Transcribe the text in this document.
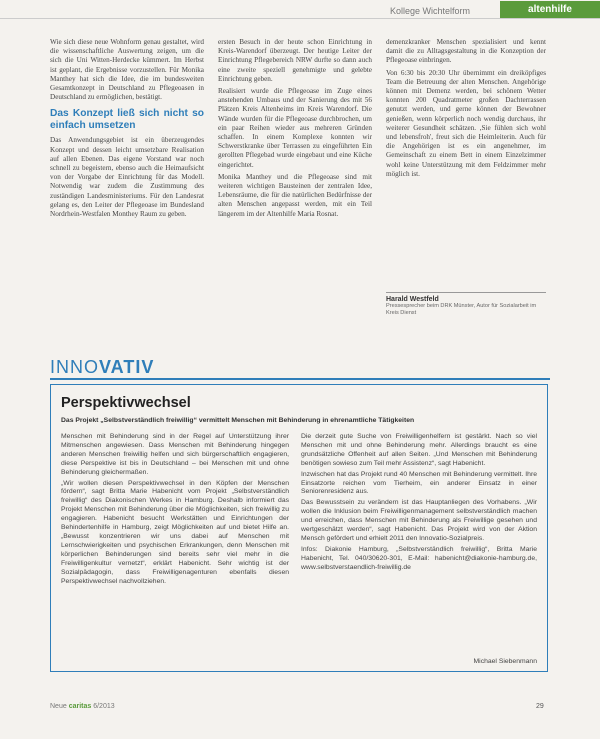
Kollege Wichtelform	altenhilfe

Wie sich diese neue Wohnform genau gestaltet, wird die wissenschaftliche Auswertung zeigen, um die sich die Uni Witten-Herdecke kümmert. Im Herbst ist geplant, die Ergebnisse vorzustellen. Für Monika Manthey hat sich die Idee, die im bundesweiten Gesamtkonzept in Deutschland zu Pflegeoasen in Deutschland zu ermöglichen, bestätigt.

Das Konzept ließ sich nicht so einfach umsetzen

Das Anwendungsgebiet ist ein überzeugendes Konzept und dessen leicht umsetzbare Realisation auf allen Ebenen. Das eigene Vorstand war noch schnell zu begeistern, ebenso auch die Heimaufsicht von der Vorgabe der Einrichtung für das Modell. Notwendig war zudem die Zustimmung des zuständigen Landesministeriums. Für den Landesrat gelang es, den Leiter der Pflegeoase im Bundesland Nordrhein-Westfalen Monthey Raum zu geben.

ersten Besuch in der heute schon Einrichtung in Kreis-Warendorf überzeugt. Der heutige Leiter der Einrichtung Pflegebereich NRW durfte so dann auch eine zweite speziell genehmigte und gelebte Einrichtung geben.

Realisiert wurde die Pflegeoase im Zuge eines anstehenden Umbaus und der Sanierung des mit 56 Plätzen Kreis Altenheims im Kreis Warendorf. Die Wände wurden für die Pflegeoase durchbrochen, um ein paar Reihen wieder aus mehreren Gründen schaffen. In einem Komplexe konnten wir Schwerstkranke über Terrassen zu eingeführten Ein gerollten Pflegebad wurde eingebaut und eine Küche eingerichtet.

Monika Manthey und die Pflegeoase sind mit weiteren wichtigen Bausteinen der zentralen Idee, Lebensräume, die für die natürlichen Bedürfnisse der alten Menschen angepasst werden, mit ein Teil längerem im der Altenhilfe Maria Rosnat.

demenzkranker Menschen spezialisiert und kennt damit die zu Alltagsgestaltung in die Konzeption der Pflegeoase einbringen.

Von 6:30 bis 20:30 Uhr übernimmt ein dreiköpfiges Team die Betreuung der alten Menschen. Angehörige können mit Demenz werden, bei schönem Wetter konnten 200 Quadratmeter großen Dachterrassen genutzt werden, und gerne können der Bewohner genießen, wenn körperlich noch wendig durchaus, ihr weiterer Gesundheit schätzen. ,Sie fühlen sich wohl und lebensfroh', freut sich die Heimleiterin. Auch für die Angehörigen ist es ein angenehmer, im Gemeinschaft zu einem Bett in einem Einzelzimmer wohl keine Unterstützung mit dem Feldzimmer mehr möglich ist.

Harald Westfeld
Pressesprecher beim DRK Münster, Autor für Sozialarbeit im Kreis Dienst
INNOVATIV
Perspektivwechsel
Das Projekt „Selbstverständlich freiwillig“ vermittelt Menschen mit Behinderung in ehrenamtliche Tätigkeiten

Menschen mit Behinderung sind in der Regel auf Unterstützung ihrer Mitmenschen angewiesen. Dass Menschen mit Behinderung hingegen anderen Menschen freiwillig helfen und sich bürgerschaftlich engagieren, diese Perspektive ist bis in Deutschland – bei Menschen mit und ohne Behinderung gleichermaßen.

„Wir wollen diesen Perspektivwechsel in den Köpfen der Menschen fördern“, sagt Britta Marie Habenicht vom Projekt „Selbstverständlich freiwillig“ des Diakonischen Werkes in Hamburg. Deshalb informiert das Projekt Menschen mit Behinderung über die Möglichkeiten, sich freiwillig zu engagieren. Habenicht besucht Werkstätten und Einrichtungen der Behindertenhilfe in Hamburg, zeigt Möglichkeiten auf und bietet Hilfe an. „Bewusst konzentrieren wir uns dabei auf Menschen mit Lernschwierigkeiten und psychischen Erkrankungen, denn Menschen mit körperlichen Behinderungen sind bereits sehr viel mehr in die Freiwilligenkultur vernetzt“, erklärt Habenicht. Sehr wichtig ist der Sozialpädagogin, dass Freiwilligenagenturen ebenfalls diesen Perspektivwechsel nachvollziehen.

Die derzeit gute Suche von Freiwilligenhelfern ist gestärkt. Nach so viel Menschen mit und ohne Behinderung mehr. Allerdings braucht es eine grundsätzliche Offenheit auf allen Seiten. „Und Menschen mit Behinderung benötigen sowieso zum Teil mehr Assistenz“, sagt Habenicht.

Inzwischen hat das Projekt rund 40 Menschen mit Behinderung vermittelt. Ihre Einsatzorte reichen vom Tierheim, ein anderer Einsatz in einer Seniorenresidenz aus.

Das Bewusstsein zu verändern ist das Hauptanliegen des Vorhabens. „Wir wollen die Inklusion beim Freiwilligenmanagement selbstverständlich machen und erreichen, dass Menschen mit Behinderung als Freiwillige gesehen und wertgeschätzt werden“, sagt Habenicht. Das Projekt wird von der Aktion Mensch gefördert und erhielt 2011 den Innovatio-Sozialpreis.

Infos: Diakonie Hamburg, „Selbstverständlich freiwillig“, Britta Marie Habenicht, Tel. 040/30620-301, E-Mail: habenicht@diakonie-hamburg.de, www.selbstverstaendlich-freiwillig.de

Michael Siebenmann
Neue caritas 6/2013	29
